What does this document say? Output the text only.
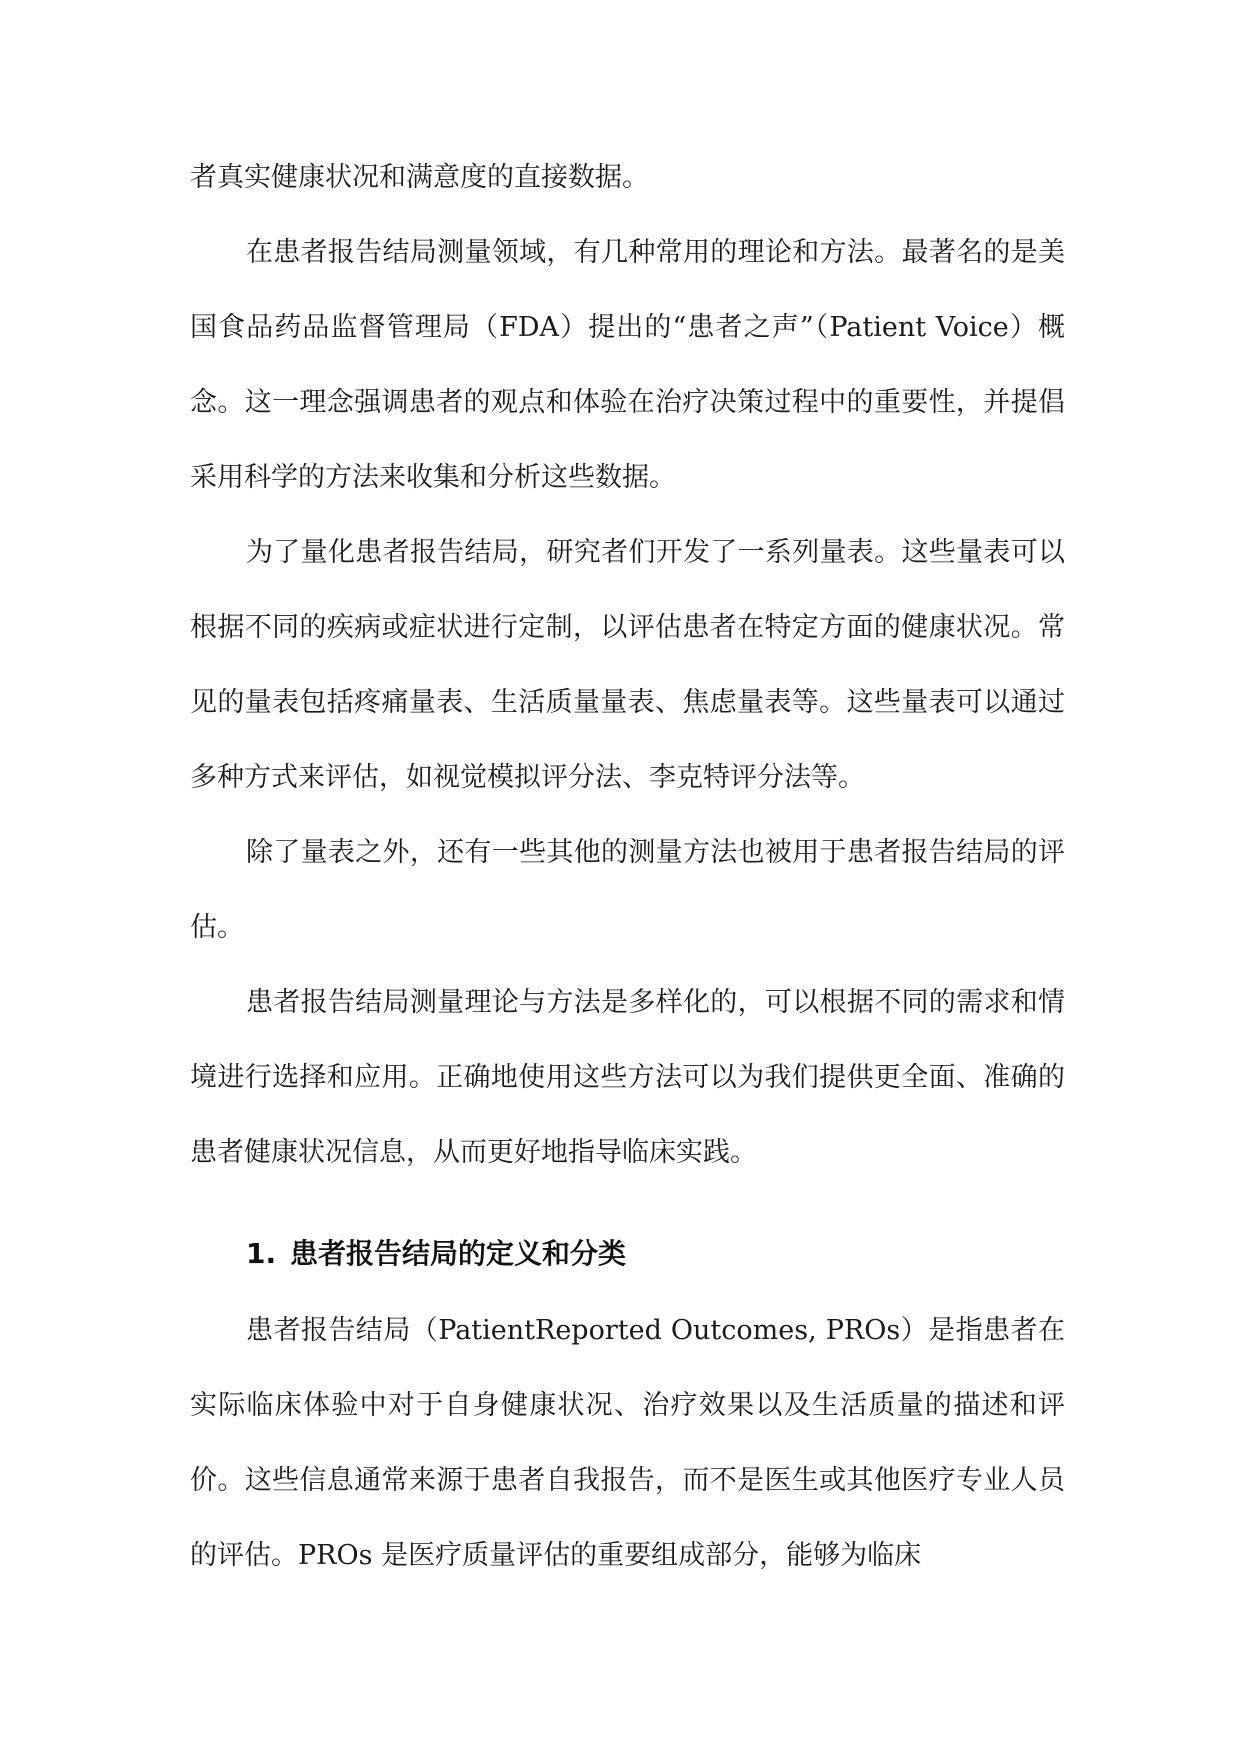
者真实健康状况和满意度的直接数据。

在患者报告结局测量领域，有几种常用的理论和方法。最著名的是美国食品药品监督管理局（FDA）提出的“患者之声”（Patient Voice）概念。这一理念强调患者的观点和体验在治疗决策过程中的重要性，并提倡采用科学的方法来收集和分析这些数据。

为了量化患者报告结局，研究者们开发了一系列量表。这些量表可以根据不同的疾病或症状进行定制，以评估患者在特定方面的健康状况。常见的量表包括疼痛量表、生活质量量表、焦虑量表等。这些量表可以通过多种方式来评估，如视觉模拟评分法、李克特评分法等。

除了量表之外，还有一些其他的测量方法也被用于患者报告结局的评估。

患者报告结局测量理论与方法是多样化的，可以根据不同的需求和情境进行选择和应用。正确地使用这些方法可以为我们提供更全面、准确的患者健康状况信息，从而更好地指导临床实践。

1. 患者报告结局的定义和分类

患者报告结局（PatientReported Outcomes, PROs）是指患者在实际临床体验中对于自身健康状况、治疗效果以及生活质量的描述和评价。这些信息通常来源于患者自我报告，而不是医生或其他医疗专业人员的评估。PROs 是医疗质量评估的重要组成部分，能够为临床
